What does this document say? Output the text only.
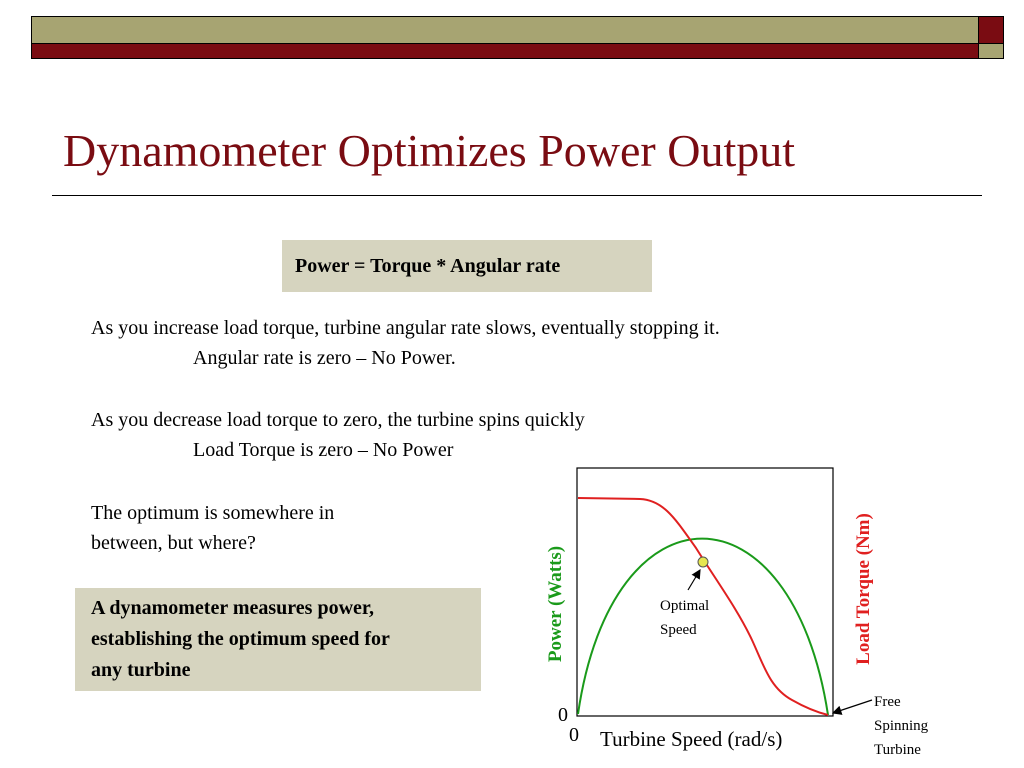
Dynamometer Optimizes Power Output
Power = Torque * Angular rate
As you increase load torque, turbine angular rate slows, eventually stopping it.
Angular rate is zero – No Power.
As you decrease load torque to zero, the turbine spins quickly
Load Torque is zero – No Power
The optimum is somewhere in
between, but where?
A dynamometer measures power,
establishing the optimum speed for
any turbine
Optimal
Speed
Free
Spinning
Turbine
0
0 Turbine Speed (rad/s)
Power (Watts)	Load Torque (Nm)
